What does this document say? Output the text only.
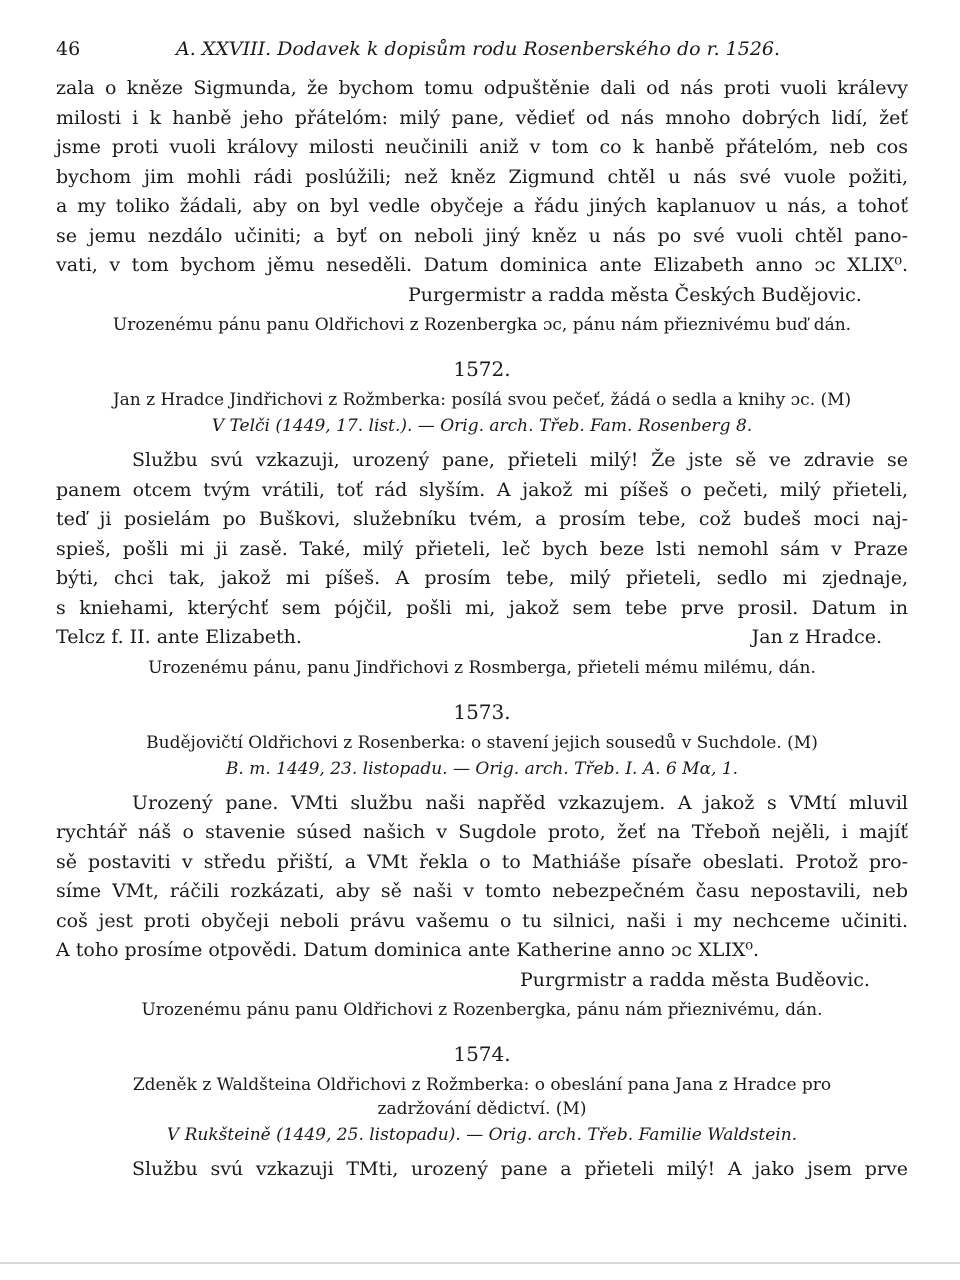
46	A. XXVIII. Dodavek k dopisům rodu Rosenberského do r. 1526.
zala o kněze Sigmunda, že bychom tomu odpuštěnie dali od nás proti vuoli králevy
milosti i k hanbě jeho přátelóm: milý pane, vědieť od nás mnoho dobrých lidí, žeť
jsme proti vuoli královy milosti neučinili aniž v tom co k hanbě přátelóm, neb cos
bychom jim mohli rádi poslúžili; než kněz Zigmund chtěl u nás své vuole požiti,
a my toliko žádali, aby on byl vedle obyčeje a řádu jiných kaplanuov u nás, a tohoť
se jemu nezdálo učiniti; a byť on neboli jiný kněz u nás po své vuoli chtěl pano-
vati, v tom bychom jěmu neseděli. Datum dominica ante Elizabeth anno ɔc XLIX⁰.
Purgermistr a radda města Českých Budějovic.

Urozenému pánu panu Oldřichovi z Rozenbergka ɔc, pánu nám přieznivému buď dán.

1572.

Jan z Hradce Jindřichovi z Rožmberka: posílá svou pečeť, žádá o sedla a knihy ɔc. (M)

V Telči (1449, 17. list.). — Orig. arch. Třeb. Fam. Rosenberg 8.

Službu svú vzkazuji, urozený pane, přieteli milý! Že jste sě ve zdravie se
panem otcem tvým vrátili, toť rád slyším. A jakož mi píšeš o pečeti, milý přieteli,
teď ji posielám po Buškovi, služebníku tvém, a prosím tebe, což budeš moci naj-
spieš, pošli mi ji zasě. Také, milý přieteli, leč bych beze lsti nemohl sám v Praze
býti, chci tak, jakož mi píšeš. A prosím tebe, milý přieteli, sedlo mi zjednaje,
s kniehami, kterýchť sem pójčil, pošli mi, jakož sem tebe prve prosil. Datum in
Telcz f. II. ante Elizabeth.	Jan z Hradce.

Urozenému pánu, panu Jindřichovi z Rosmberga, přieteli mému milému, dán.

1573.

Budějovičtí Oldřichovi z Rosenberka: o stavení jejich sousedů v Suchdole. (M)

B. m. 1449, 23. listopadu. — Orig. arch. Třeb. I. A. 6 Mα, 1.

Urozený pane. VMti službu naši napřěd vzkazujem. A jakož s VMtí mluvil
rychtář náš o stavenie súsed našich v Sugdole proto, žeť na Třeboň nejěli, i majíť
sě postaviti v středu přiští, a VMt řekla o to Mathiáše písaře obeslati. Protož pro-
síme VMt, ráčili rozkázati, aby sě naši v tomto nebezpečném času nepostavili, neb
coš jest proti obyčeji neboli právu vašemu o tu silnici, naši i my nechceme učiniti.
A toho prosíme otpovědi. Datum dominica ante Katherine anno ɔc XLIX⁰.
Purgrmistr a radda města Buděovic.

Urozenému pánu panu Oldřichovi z Rozenbergka, pánu nám přieznivému, dán.

1574.

Zdeněk z Waldšteina Oldřichovi z Rožmberka: o obeslání pana Jana z Hradce pro
zadržování dědictví. (M)

V Rukšteině (1449, 25. listopadu). — Orig. arch. Třeb. Familie Waldstein.

Službu svú vzkazuji TMti, urozený pane a přieteli milý! A jako jsem prve
